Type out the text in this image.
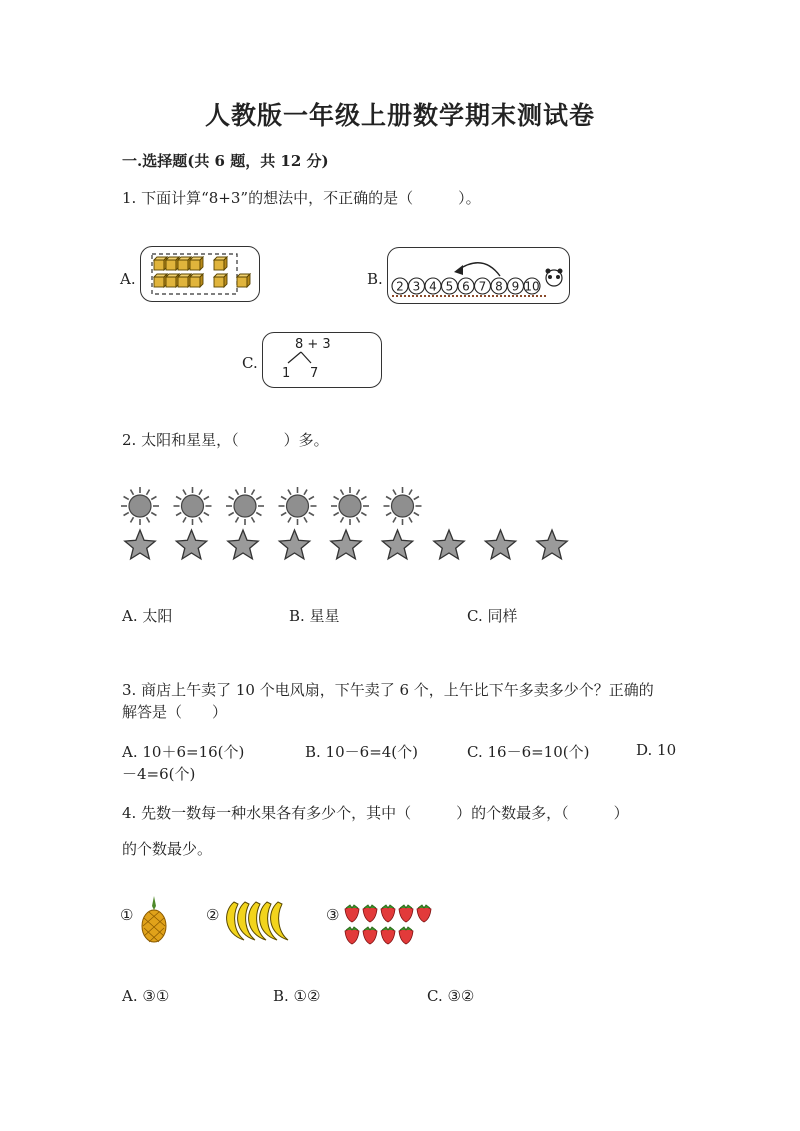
人教版一年级上册数学期末测试卷
一.选择题(共 6 题，共 12 分)
1. 下面计算“8+3”的想法中，不正确的是（　　　）。
A.	B. 2 3 4 5 6 7 8 9 10
C.
8 + 3
1 7
2. 太阳和星星，（　　　）多。
A. 太阳	B. 星星	C. 同样
3. 商店上午卖了 10 个电风扇，下午卖了 6 个，上午比下午多卖多少个？正确的
解答是（　　）
A. 10＋6=16(个)	B. 10－6=4(个)	C. 16－6=10(个)	D. 10
－4=6(个)
4. 先数一数每一种水果各有多少个，其中（　　　）的个数最多，（　　　）
的个数最少。
①	②	③
A. ③①	B. ①②	C. ③②
